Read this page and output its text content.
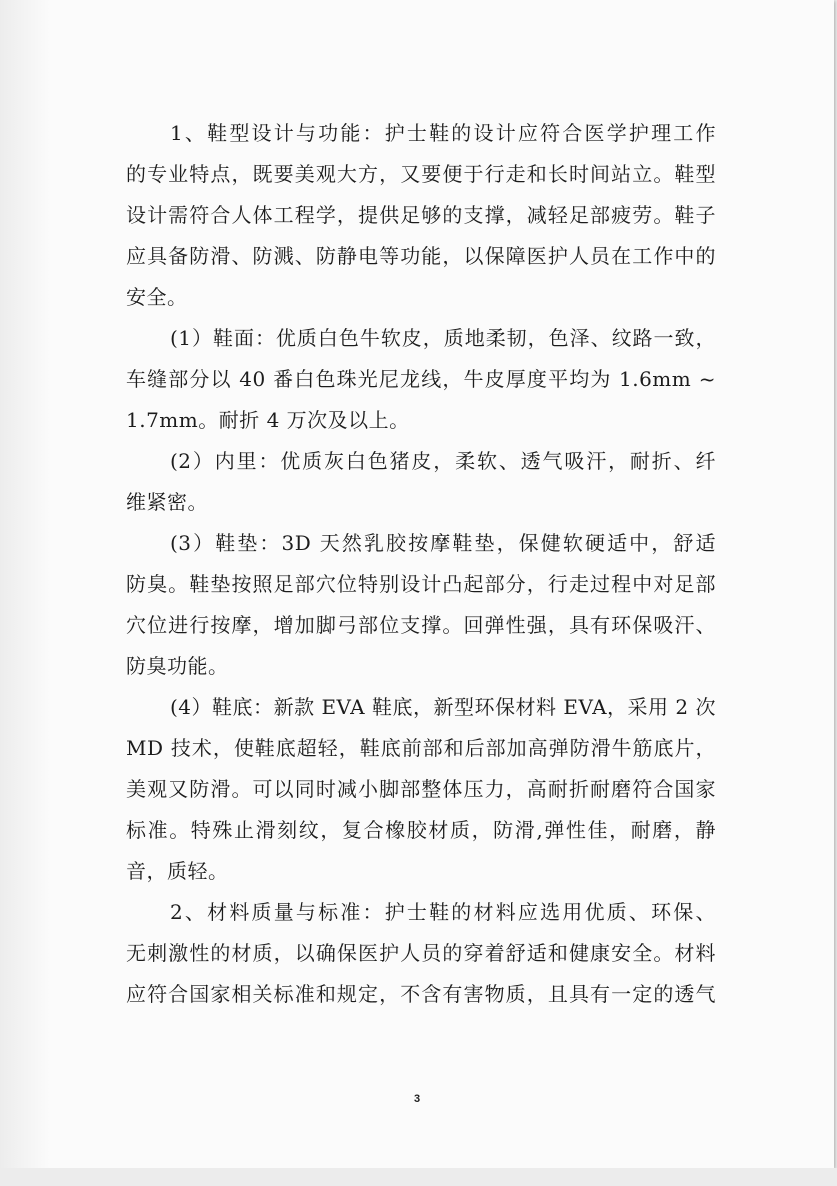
1、鞋型设计与功能：护士鞋的设计应符合医学护理工作
的专业特点，既要美观大方，又要便于行走和长时间站立。鞋型
设计需符合人体工程学，提供足够的支撑，减轻足部疲劳。鞋子
应具备防滑、防溅、防静电等功能，以保障医护人员在工作中的
安全。
(1）鞋面：优质白色牛软皮，质地柔韧，色泽、纹路一致，
车缝部分以 40 番白色珠光尼龙线，牛皮厚度平均为 1.6mm ~
1.7mm。耐折 4 万次及以上。
(2）内里：优质灰白色猪皮，柔软、透气吸汗，耐折、纤
维紧密。
(3）鞋垫：3D 天然乳胶按摩鞋垫，保健软硬适中，舒适
防臭。鞋垫按照足部穴位特别设计凸起部分，行走过程中对足部
穴位进行按摩，增加脚弓部位支撑。回弹性强，具有环保吸汗、
防臭功能。
(4）鞋底：新款 EVA 鞋底，新型环保材料 EVA，采用 2 次
MD 技术，使鞋底超轻，鞋底前部和后部加高弹防滑牛筋底片，
美观又防滑。可以同时减小脚部整体压力，高耐折耐磨符合国家
标准。特殊止滑刻纹，复合橡胶材质，防滑,弹性佳，耐磨，静
音，质轻。
2、材料质量与标准：护士鞋的材料应选用优质、环保、
无刺激性的材质，以确保医护人员的穿着舒适和健康安全。材料
应符合国家相关标准和规定，不含有害物质，且具有一定的透气
3
